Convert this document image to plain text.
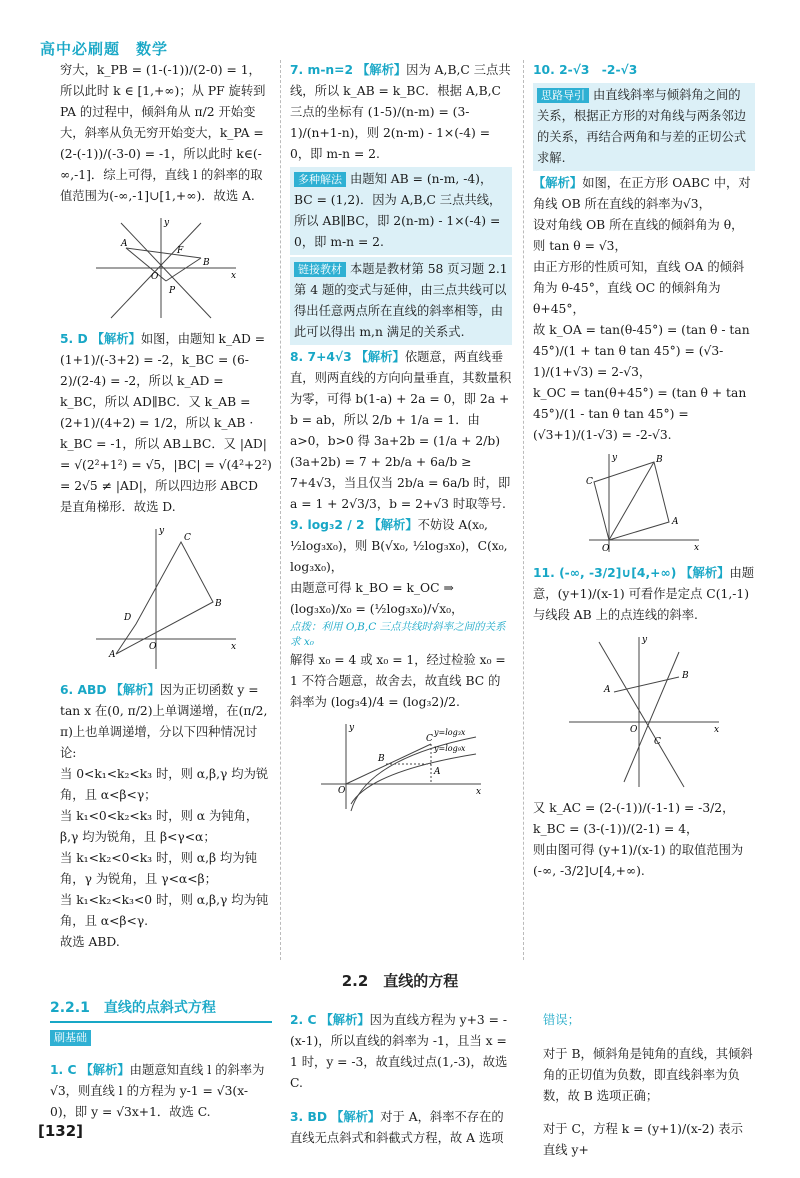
高中必刷题　数学

穷大，k_PB = (1-(-1))/(2-0) = 1，所以此时 k ∈ [1,+∞)；从 PF 旋转到 PA 的过程中，倾斜角从 π/2 开始变大，斜率从负无穷开始变大，k_PA = (2-(-1))/(-3-0) = -1，所以此时 k∈(-∞,-1]．综上可得，直线 l 的斜率的取值范围为(-∞,-1]∪[1,+∞)．故选 A.

A
F
B
O
P
x
y

5. D 【解析】如图，由题知 k_AD = (1+1)/(-3+2) = -2，k_BC = (6-2)/(2-4) = -2，所以 k_AD = k_BC，所以 AD∥BC．又 k_AB = (2+1)/(4+2) = 1/2，所以 k_AB · k_BC = -1，所以 AB⊥BC．又 |AD| = √(2²+1²) = √5，|BC| = √(4²+2²) = 2√5 ≠ |AD|，所以四边形 ABCD 是直角梯形．故选 D.

C
B
D
A
O	x
y

6. ABD 【解析】因为正切函数 y = tan x 在(0, π/2)上单调递增，在(π/2, π)上也单调递增，分以下四种情况讨论:

当 0<k₁<k₂<k₃ 时，则 α,β,γ 均为锐角，且 α<β<γ；

当 k₁<0<k₂<k₃ 时，则 α 为钝角，β,γ 均为锐角，且 β<γ<α；

当 k₁<k₂<0<k₃ 时，则 α,β 均为钝角，γ 为锐角，且 γ<α<β；

当 k₁<k₂<k₃<0 时，则 α,β,γ 均为钝角，且 α<β<γ.

故选 ABD.

7. m-n=2 【解析】因为 A,B,C 三点共线，所以 k_AB = k_BC．根据 A,B,C 三点的坐标有 (1-5)/(n-m) = (3-1)/(n+1-n)，则 2(n-m) - 1×(-4) = 0，即 m-n = 2.

多种解法 由题知 AB = (n-m, -4)，BC = (1,2)．因为 A,B,C 三点共线，所以 AB∥BC，即 2(n-m) - 1×(-4) = 0，即 m-n = 2.
链接教材 本题是教材第 58 页习题 2.1 第 4 题的变式与延伸，由三点共线可以得出任意两点所在直线的斜率相等，由此可以得出 m,n 满足的关系式.

8. 7+4√3 【解析】依题意，两直线垂直，则两直线的方向向量垂直，其数量积为零，可得 b(1-a) + 2a = 0，即 2a + b = ab，所以 2/b + 1/a = 1．由 a>0，b>0 得 3a+2b = (1/a + 2/b)(3a+2b) = 7 + 2b/a + 6a/b ≥ 7+4√3，当且仅当 2b/a = 6a/b 时，即 a = 1 + 2√3/3，b = 2+√3 时取等号.

9. log₃2 / 2 【解析】不妨设 A(x₀, ½log₃x₀)，则 B(√x₀, ½log₃x₀)，C(x₀, log₃x₀)，

由题意可得 k_BO = k_OC ⇒ (log₃x₀)/x₀ = (½log₃x₀)/√x₀，

点拨：利用 O,B,C 三点共线时斜率之间的关系求 x₀

解得 x₀ = 4 或 x₀ = 1，经过检验 x₀ = 1 不符合题意，故舍去，故直线 BC 的斜率为 (log₃4)/4 = (log₃2)/2.

y=log₃x
y=log₉x
C
B
A
O	x
y

10. 2-√3　-2-√3

思路导引 由直线斜率与倾斜角之间的关系，根据正方形的对角线与两条邻边的关系，再结合两角和与差的正切公式求解.

【解析】如图，在正方形 OABC 中，对角线 OB 所在直线的斜率为√3，

设对角线 OB 所在直线的倾斜角为 θ，则 tan θ = √3，

由正方形的性质可知，直线 OA 的倾斜角为 θ-45°，直线 OC 的倾斜角为 θ+45°，

故 k_OA = tan(θ-45°) = (tan θ - tan 45°)/(1 + tan θ tan 45°) = (√3-1)/(1+√3) = 2-√3，

k_OC = tan(θ+45°) = (tan θ + tan 45°)/(1 - tan θ tan 45°) = (√3+1)/(1-√3) = -2-√3.

B
C
A
O	x
y

11. (-∞, -3/2]∪[4,+∞) 【解析】由题意，(y+1)/(x-1) 可看作是定点 C(1,-1) 与线段 AB 上的点连线的斜率.

B
A
C
O	x
y

又 k_AC = (2-(-1))/(-1-1) = -3/2，k_BC = (3-(-1))/(2-1) = 4，

则由图可得 (y+1)/(x-1) 的取值范围为 (-∞, -3/2]∪[4,+∞).

2.2　直线的方程
2.2.1　直线的点斜式方程
刷基础

1. C 【解析】由题意知直线 l 的斜率为√3，则直线 l 的方程为 y-1 = √3(x-0)，即 y = √3x+1．故选 C.

2. C 【解析】因为直线方程为 y+3 = -(x-1)，所以直线的斜率为 -1，且当 x = 1 时，y = -3，故直线过点(1,-3)，故选 C.

3. BD 【解析】对于 A，斜率不存在的直线无点斜式和斜截式方程，故 A 选项

错误；

对于 B，倾斜角是钝角的直线，其倾斜角的正切值为负数，即直线斜率为负数，故 B 选项正确；

对于 C，方程 k = (y+1)/(x-2) 表示直线 y+

[132]
